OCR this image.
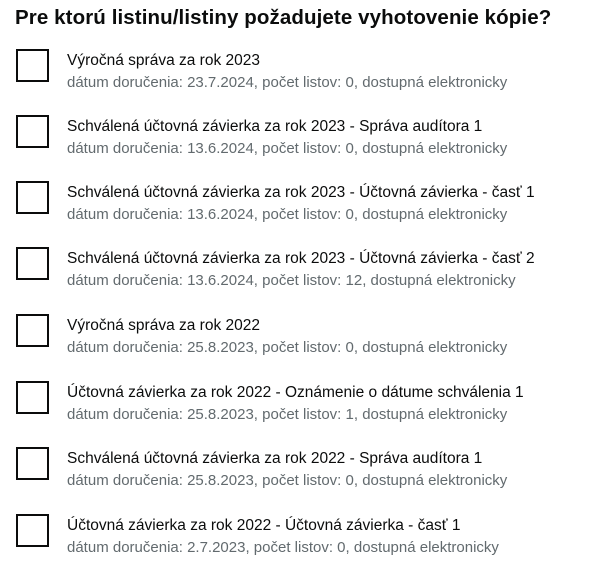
Pre ktorú listinu/listiny požadujete vyhotovenie kópie?
Výročná správa za rok 2023
dátum doručenia: 23.7.2024, počet listov: 0, dostupná elektronicky
Schválená účtovná závierka za rok 2023 - Správa audítora 1
dátum doručenia: 13.6.2024, počet listov: 0, dostupná elektronicky
Schválená účtovná závierka za rok 2023 - Účtovná závierka - časť 1
dátum doručenia: 13.6.2024, počet listov: 0, dostupná elektronicky
Schválená účtovná závierka za rok 2023 - Účtovná závierka - časť 2
dátum doručenia: 13.6.2024, počet listov: 12, dostupná elektronicky
Výročná správa za rok 2022
dátum doručenia: 25.8.2023, počet listov: 0, dostupná elektronicky
Účtovná závierka za rok 2022 - Oznámenie o dátume schválenia 1
dátum doručenia: 25.8.2023, počet listov: 1, dostupná elektronicky
Schválená účtovná závierka za rok 2022 - Správa audítora 1
dátum doručenia: 25.8.2023, počet listov: 0, dostupná elektronicky
Účtovná závierka za rok 2022 - Účtovná závierka - časť 1
dátum doručenia: 2.7.2023, počet listov: 0, dostupná elektronicky
